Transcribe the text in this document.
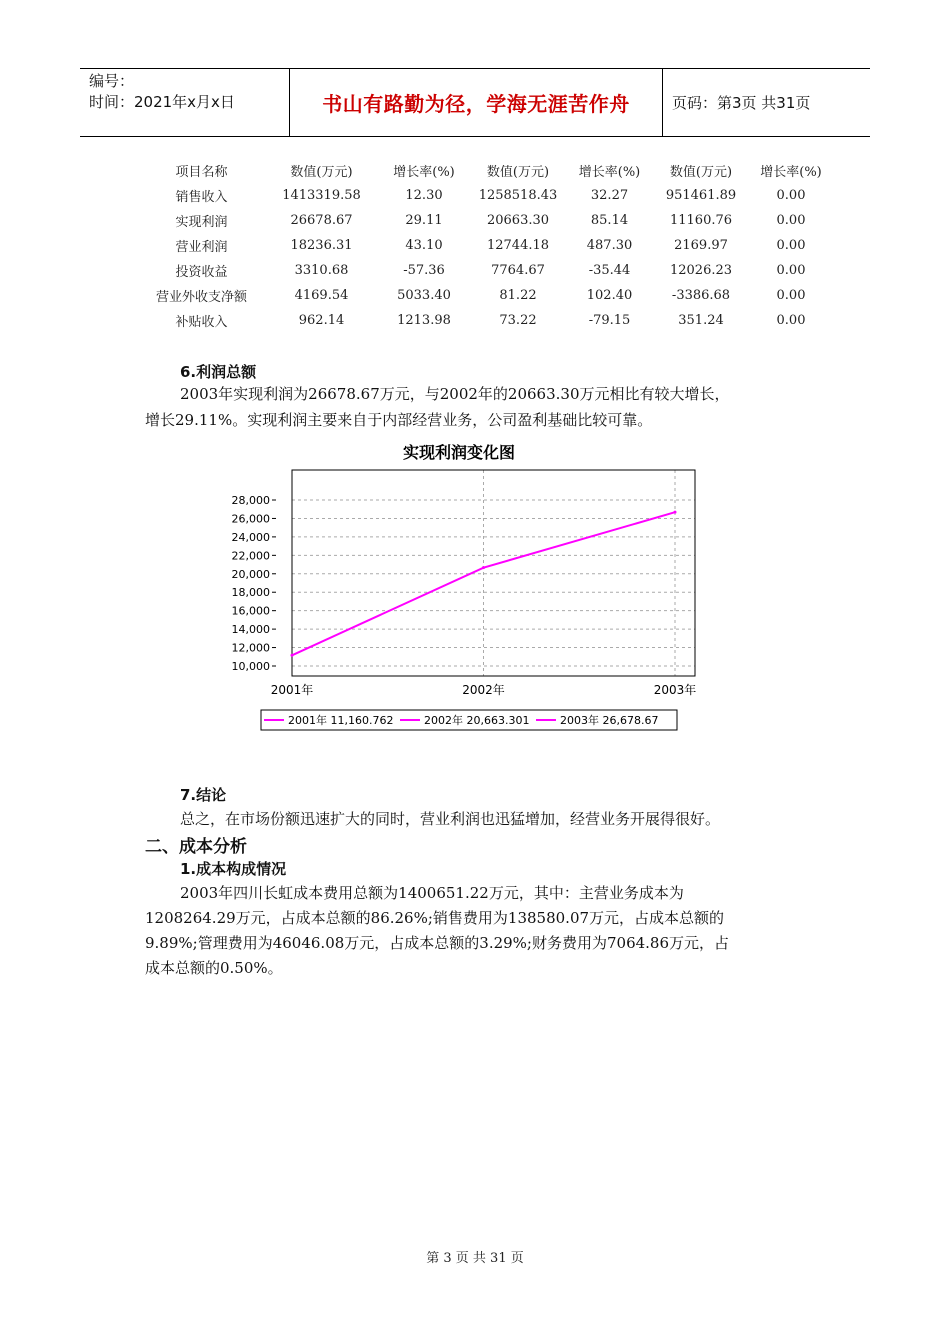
编号：
时间：2021年x月x日	书山有路勤为径，学海无涯苦作舟	页码：第3页 共31页
项目名称	数值(万元)	增长率(%)	数值(万元)	增长率(%)	数值(万元)	增长率(%)
销售收入	1413319.58	12.30	1258518.43	32.27	951461.89	0.00
实现利润	26678.67	29.11	20663.30	85.14	11160.76	0.00
营业利润	18236.31	43.10	12744.18	487.30	2169.97	0.00
投资收益	3310.68	-57.36	7764.67	-35.44	12026.23	0.00
营业外收支净额	4169.54	5033.40	81.22	102.40	-3386.68	0.00
补贴收入	962.14	1213.98	73.22	-79.15	351.24	0.00
6.利润总额
2003年实现利润为26678.67万元，与2002年的20663.30万元相比有较大增长，
增长29.11%。实现利润主要来自于内部经营业务，公司盈利基础比较可靠。
实现利润变化图
10,000
12,000
14,000
16,000
18,000
20,000
22,000
24,000
26,000
28,000
2001年	2002年	2003年
2001年 11,160.762	2002年 20,663.301	2003年 26,678.67
7.结论
总之，在市场份额迅速扩大的同时，营业利润也迅猛增加，经营业务开展得很好。
二、成本分析
1.成本构成情况
2003年四川长虹成本费用总额为1400651.22万元，其中：主营业务成本为
1208264.29万元，占成本总额的86.26%;销售费用为138580.07万元，占成本总额的
9.89%;管理费用为46046.08万元，占成本总额的3.29%;财务费用为7064.86万元，占
成本总额的0.50%。
第 3 页 共 31 页
